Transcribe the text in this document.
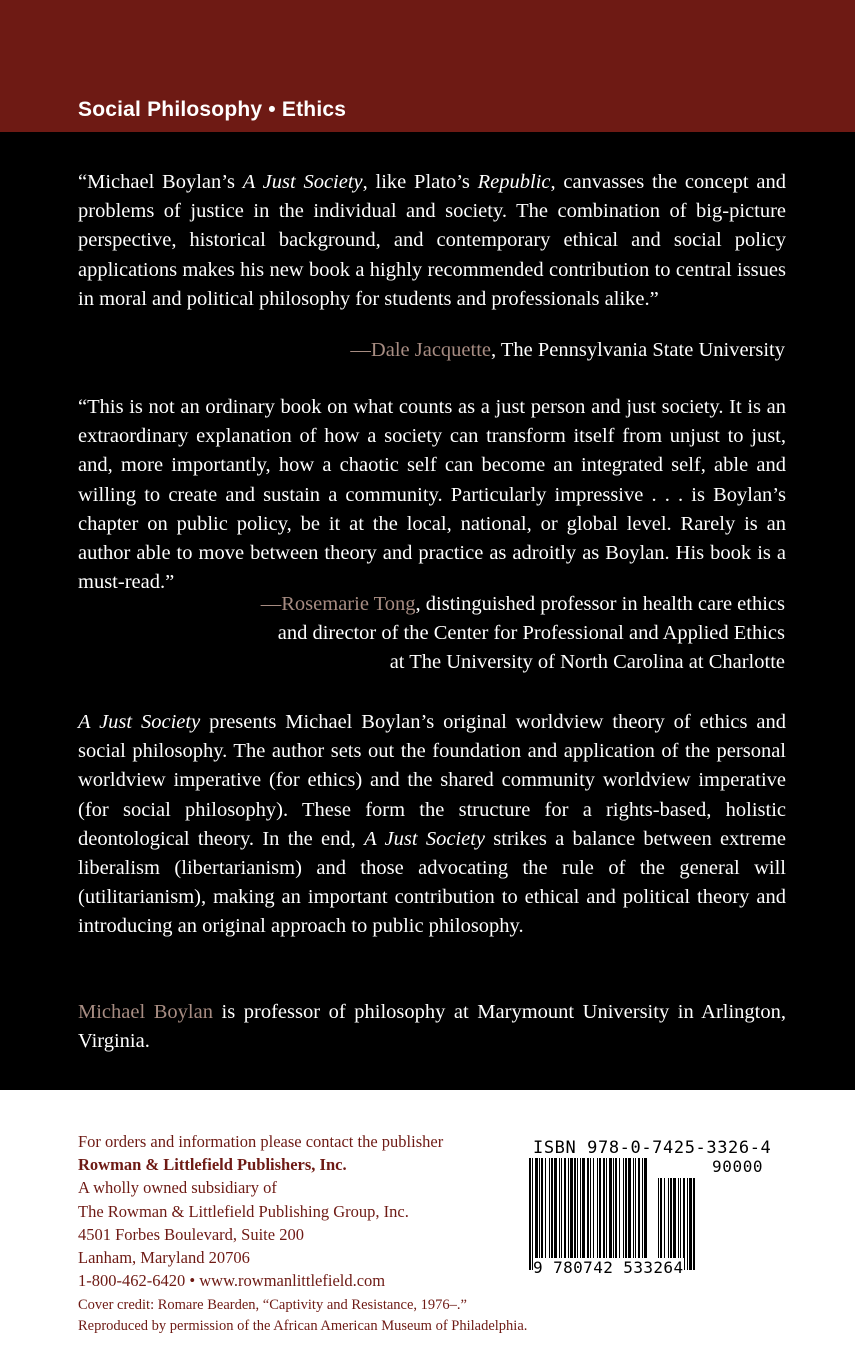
Social Philosophy • Ethics

“Michael Boylan’s A Just Society, like Plato’s Republic, canvasses the concept and problems of justice in the individual and society. The combination of big-picture perspective, historical background, and contemporary ethical and social policy applications makes his new book a highly recommended contribution to central issues in moral and political philosophy for students and professionals alike.”

—Dale Jacquette, The Pennsylvania State University

“This is not an ordinary book on what counts as a just person and just society. It is an extraordinary explanation of how a society can transform itself from unjust to just, and, more importantly, how a chaotic self can become an integrated self, able and willing to create and sustain a community. Particularly impressive . . . is Boylan’s chapter on public policy, be it at the local, national, or global level. Rarely is an author able to move between theory and practice as adroitly as Boylan. His book is a must-read.”

—Rosemarie Tong, distinguished professor in health care ethics
and director of the Center for Professional and Applied Ethics
at The University of North Carolina at Charlotte

A Just Society presents Michael Boylan’s original worldview theory of ethics and social philosophy. The author sets out the foundation and application of the personal worldview imperative (for ethics) and the shared community worldview imperative (for social philosophy). These form the structure for a rights-based, holistic deontological theory. In the end, A Just Society strikes a balance between extreme liberalism (libertarianism) and those advocating the rule of the general will (utilitarianism), making an important contribution to ethical and political theory and introducing an original approach to public philosophy.

Michael Boylan is professor of philosophy at Marymount University in Arlington, Virginia.

For orders and information please contact the publisher
Rowman & Littlefield Publishers, Inc.
A wholly owned subsidiary of
The Rowman & Littlefield Publishing Group, Inc.
4501 Forbes Boulevard, Suite 200
Lanham, Maryland 20706
1-800-462-6420 • www.rowmanlittlefield.com
Cover credit: Romare Bearden, “Captivity and Resistance, 1976–.”
Reproduced by permission of the African American Museum of Philadelphia.
ISBN 978-0-7425-3326-4
90000
9 780742 533264
